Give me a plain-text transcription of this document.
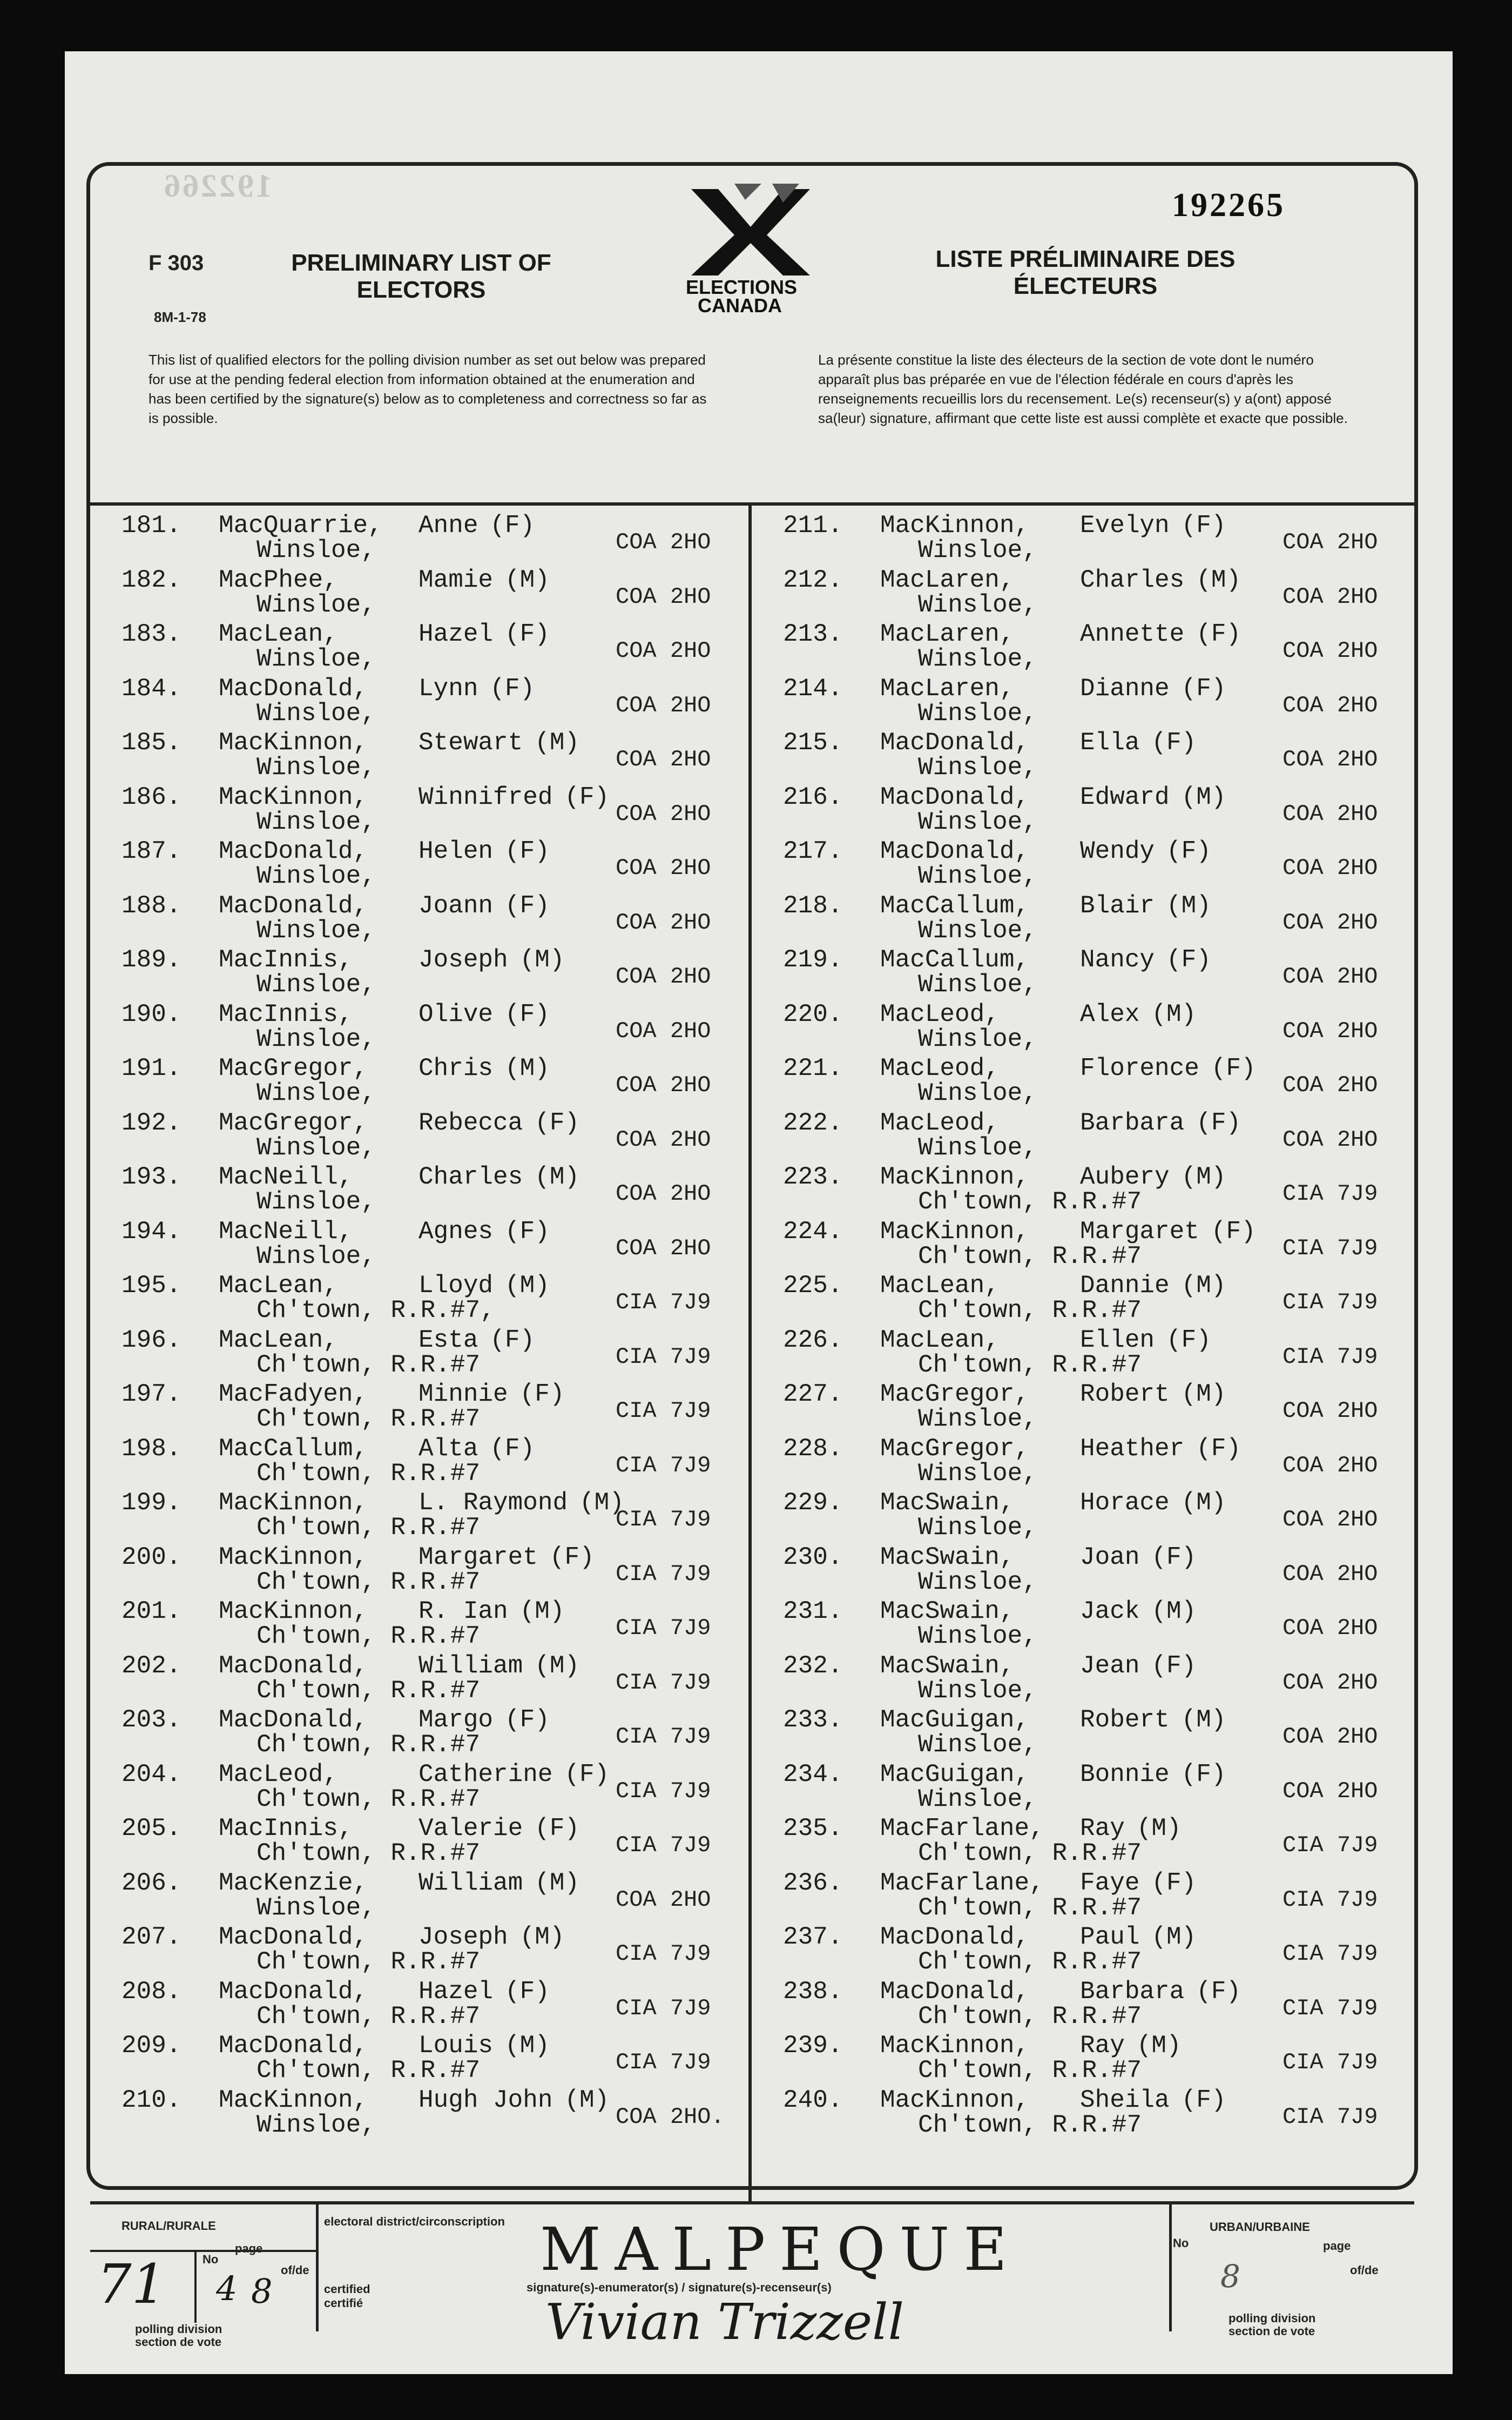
192266
F 303
8M-1-78
PRELIMINARY LIST OF ELECTORS	ELECTIONS CANADA
192265
LISTE PRÉLIMINAIRE DES ÉLECTEURS
This list of qualified electors for the polling division number as set out below was prepared for use at the pending federal election from information obtained at the enumeration and has been certified by the signature(s) below as to completeness and correctness so far as is possible.
La présente constitue la liste des électeurs de la section de vote dont le numéro apparaît plus bas préparée en vue de l'élection fédérale en cours d'après les renseignements recueillis lors du recensement. Le(s) recenseur(s) y a(ont) apposé sa(leur) signature, affirmant que cette liste est aussi complète et exacte que possible.
181. MacQuarrie, Anne (F)
Winsloe,	COA 2HO
182. MacPhee,	Mamie (M)
Winsloe,	COA 2HO
183. MacLean,	Hazel (F)
Winsloe,	COA 2HO
184. MacDonald, Lynn (F)
Winsloe,	COA 2HO
185. MacKinnon, Stewart (M)
Winsloe,	COA 2HO
186. MacKinnon, Winnifred (F)
Winsloe,	COA 2HO
187. MacDonald, Helen (F)
Winsloe,	COA 2HO
188. MacDonald, Joann (F)
Winsloe,	COA 2HO
189. MacInnis,	Joseph (M)
Winsloe,	COA 2HO
190. MacInnis,	Olive (F)
Winsloe,	COA 2HO
191. MacGregor, Chris (M)
Winsloe,	COA 2HO
192. MacGregor, Rebecca (F)
Winsloe,	COA 2HO
193. MacNeill,	Charles (M)
Winsloe,	COA 2HO
194. MacNeill,	Agnes (F)
Winsloe,	COA 2HO
195. MacLean,	Lloyd (M)
Ch'town, R.R.#7,	CIA 7J9
196. MacLean,	Esta (F)
Ch'town, R.R.#7	CIA 7J9
197. MacFadyen, Minnie (F)
Ch'town, R.R.#7	CIA 7J9
198. MacCallum, Alta (F)
Ch'town, R.R.#7	CIA 7J9
199. MacKinnon, L. Raymond (M)
Ch'town, R.R.#7	CIA 7J9
200. MacKinnon, Margaret (F)
Ch'town, R.R.#7	CIA 7J9
201. MacKinnon, R. Ian (M)
Ch'town, R.R.#7	CIA 7J9
202. MacDonald, William (M)
Ch'town, R.R.#7	CIA 7J9
203. MacDonald, Margo (F)
Ch'town, R.R.#7	CIA 7J9
204. MacLeod,	Catherine (F)
Ch'town, R.R.#7	CIA 7J9
205. MacInnis,	Valerie (F)
Ch'town, R.R.#7	CIA 7J9
206. MacKenzie, William (M)
Winsloe,	COA 2HO
207. MacDonald, Joseph (M)
Ch'town, R.R.#7	CIA 7J9
208. MacDonald, Hazel (F)
Ch'town, R.R.#7	CIA 7J9
209. MacDonald, Louis (M)
Ch'town, R.R.#7	CIA 7J9
210. MacKinnon, Hugh John (M)
Winsloe,	COA 2HO.
211. MacKinnon, Evelyn (F)
Winsloe,	COA 2HO
212. MacLaren,	Charles (M)
Winsloe,	COA 2HO
213. MacLaren,	Annette (F)
Winsloe,	COA 2HO
214. MacLaren,	Dianne (F)
Winsloe,	COA 2HO
215. MacDonald, Ella (F)
Winsloe,	COA 2HO
216. MacDonald, Edward (M)
Winsloe,	COA 2HO
217. MacDonald, Wendy (F)
Winsloe,	COA 2HO
218. MacCallum, Blair (M)
Winsloe,	COA 2HO
219. MacCallum, Nancy (F)
Winsloe,	COA 2HO
220. MacLeod,	Alex (M)
Winsloe,	COA 2HO
221. MacLeod,	Florence (F)
Winsloe,	COA 2HO
222. MacLeod,	Barbara (F)
Winsloe,	COA 2HO
223. MacKinnon, Aubery (M)
Ch'town, R.R.#7	CIA 7J9
224. MacKinnon, Margaret (F)
Ch'town, R.R.#7	CIA 7J9
225. MacLean,	Dannie (M)
Ch'town, R.R.#7	CIA 7J9
226. MacLean,	Ellen (F)
Ch'town, R.R.#7	CIA 7J9
227. MacGregor, Robert (M)
Winsloe,	COA 2HO
228. MacGregor, Heather (F)
Winsloe,	COA 2HO
229. MacSwain,	Horace (M)
Winsloe,	COA 2HO
230. MacSwain,	Joan (F)
Winsloe,	COA 2HO
231. MacSwain,	Jack (M)
Winsloe,	COA 2HO
232. MacSwain,	Jean (F)
Winsloe,	COA 2HO
233. MacGuigan, Robert (M)
Winsloe,	COA 2HO
234. MacGuigan, Bonnie (F)
Winsloe,	COA 2HO
235. MacFarlane, Ray (M)
Ch'town, R.R.#7	CIA 7J9
236. MacFarlane, Faye (F)
Ch'town, R.R.#7	CIA 7J9
237. MacDonald, Paul (M)
Ch'town, R.R.#7	CIA 7J9
238. MacDonald, Barbara (F)
Ch'town, R.R.#7	CIA 7J9
239. MacKinnon, Ray (M)
Ch'town, R.R.#7	CIA 7J9
240. MacKinnon, Sheila (F)
Ch'town, R.R.#7	CIA 7J9
RURAL/RURALE	electoral district/circonscription MALPEQUE
signature(s)-enumerator(s) / signature(s)-recenseur(s)
Vivian Trizzell
certified certifié
No
page
of/de
71 4 8
polling division section de vote
URBAN/URBAINE
No	page
of/de
8
polling division section de vote
